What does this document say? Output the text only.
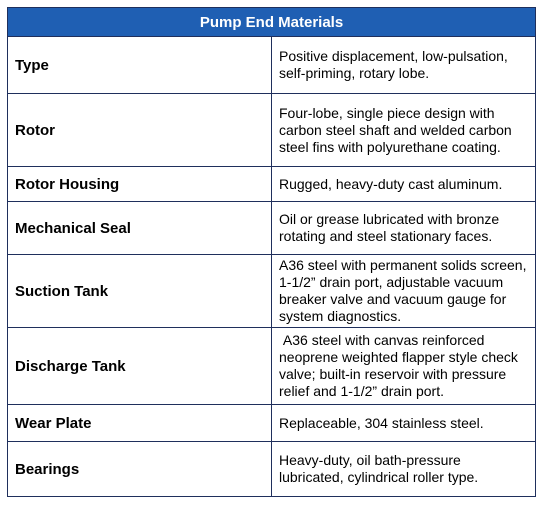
Pump End Materials	
Type	Positive displacement, low-pulsation, self-priming, rotary lobe.
Rotor	Four-lobe, single piece design with carbon steel shaft and welded carbon steel fins with polyurethane coating.
Rotor Housing	Rugged, heavy-duty cast aluminum.
Mechanical Seal	Oil or grease lubricated with bronze rotating and steel stationary faces.
Suction Tank	A36 steel with permanent solids screen, 1-1/2” drain port, adjustable vacuum breaker valve and vacuum gauge for system diagnostics.
Discharge Tank	A36 steel with canvas reinforced neoprene weighted flapper style check valve; built-in reservoir with pressure relief and 1-1/2” drain port.
Wear Plate	Replaceable, 304 stainless steel.
Bearings	Heavy-duty, oil bath-pressure lubricated, cylindrical roller type.
